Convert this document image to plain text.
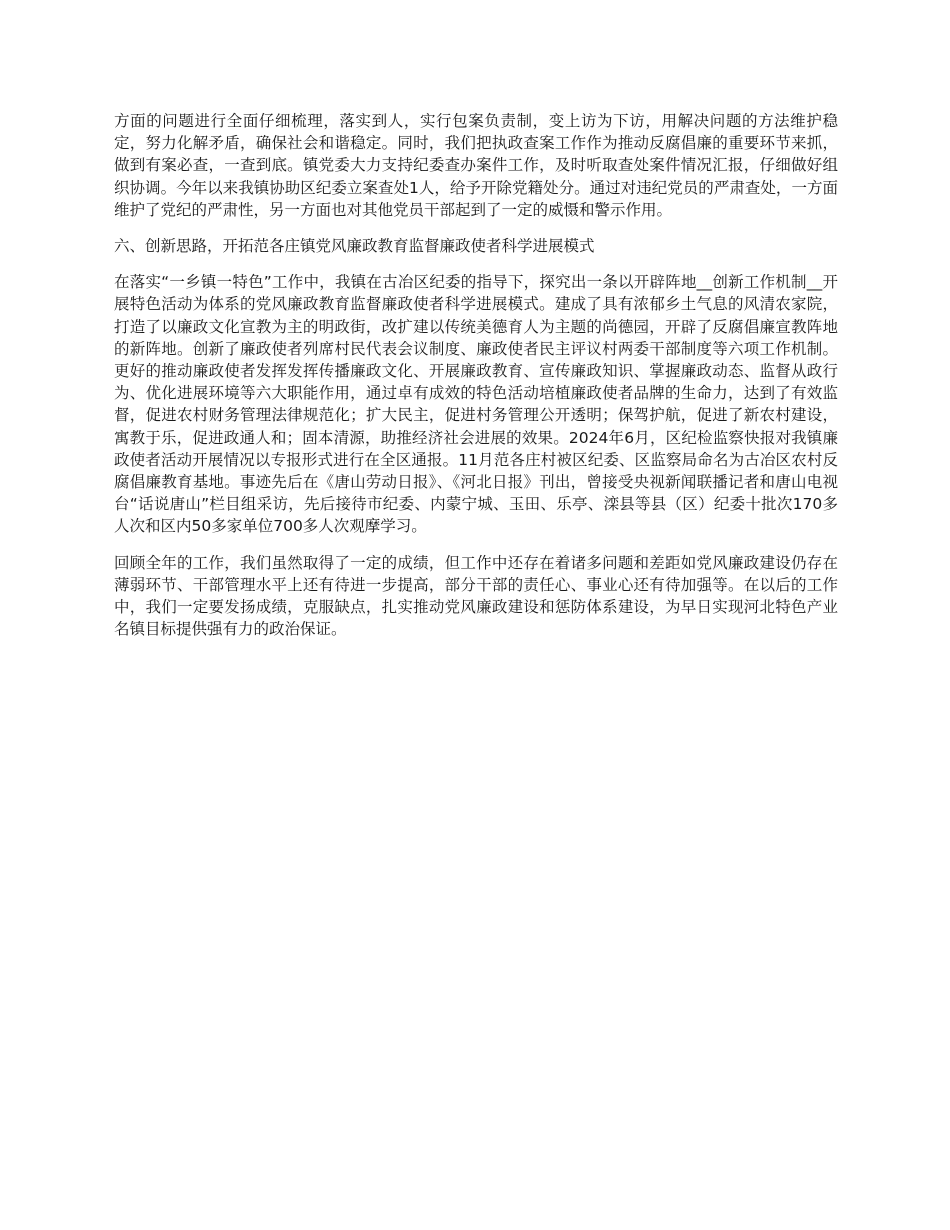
方面的问题进行全面仔细梳理，落实到人，实行包案负责制，变上访为下访，用解决问题的方法维护稳定，努力化解矛盾，确保社会和谐稳定。同时，我们把执政查案工作作为推动反腐倡廉的重要环节来抓，做到有案必查，一查到底。镇党委大力支持纪委查办案件工作，及时听取查处案件情况汇报，仔细做好组织协调。今年以来我镇协助区纪委立案查处1人，给予开除党籍处分。通过对违纪党员的严肃查处，一方面维护了党纪的严肃性，另一方面也对其他党员干部起到了一定的威慑和警示作用。

六、创新思路，开拓范各庄镇党风廉政教育监督廉政使者科学进展模式

在落实“一乡镇一特色”工作中，我镇在古冶区纪委的指导下，探究出一条以开辟阵地__创新工作机制__开展特色活动为体系的党风廉政教育监督廉政使者科学进展模式。建成了具有浓郁乡土气息的风清农家院，打造了以廉政文化宣教为主的明政街，改扩建以传统美德育人为主题的尚德园，开辟了反腐倡廉宣教阵地的新阵地。创新了廉政使者列席村民代表会议制度、廉政使者民主评议村两委干部制度等六项工作机制。更好的推动廉政使者发挥发挥传播廉政文化、开展廉政教育、宣传廉政知识、掌握廉政动态、监督从政行为、优化进展环境等六大职能作用，通过卓有成效的特色活动培植廉政使者品牌的生命力，达到了有效监督，促进农村财务管理法律规范化；扩大民主，促进村务管理公开透明；保驾护航，促进了新农村建设，寓教于乐，促进政通人和；固本清源，助推经济社会进展的效果。2024年6月，区纪检监察快报对我镇廉政使者活动开展情况以专报形式进行在全区通报。11月范各庄村被区纪委、区监察局命名为古冶区农村反腐倡廉教育基地。事迹先后在《唐山劳动日报》、《河北日报》刊出，曾接受央视新闻联播记者和唐山电视台“话说唐山”栏目组采访，先后接待市纪委、内蒙宁城、玉田、乐亭、滦县等县（区）纪委十批次170多人次和区内50多家单位700多人次观摩学习。

回顾全年的工作，我们虽然取得了一定的成绩，但工作中还存在着诸多问题和差距如党风廉政建设仍存在薄弱环节、干部管理水平上还有待进一步提高，部分干部的责任心、事业心还有待加强等。在以后的工作中，我们一定要发扬成绩，克服缺点，扎实推动党风廉政建设和惩防体系建设，为早日实现河北特色产业名镇目标提供强有力的政治保证。
